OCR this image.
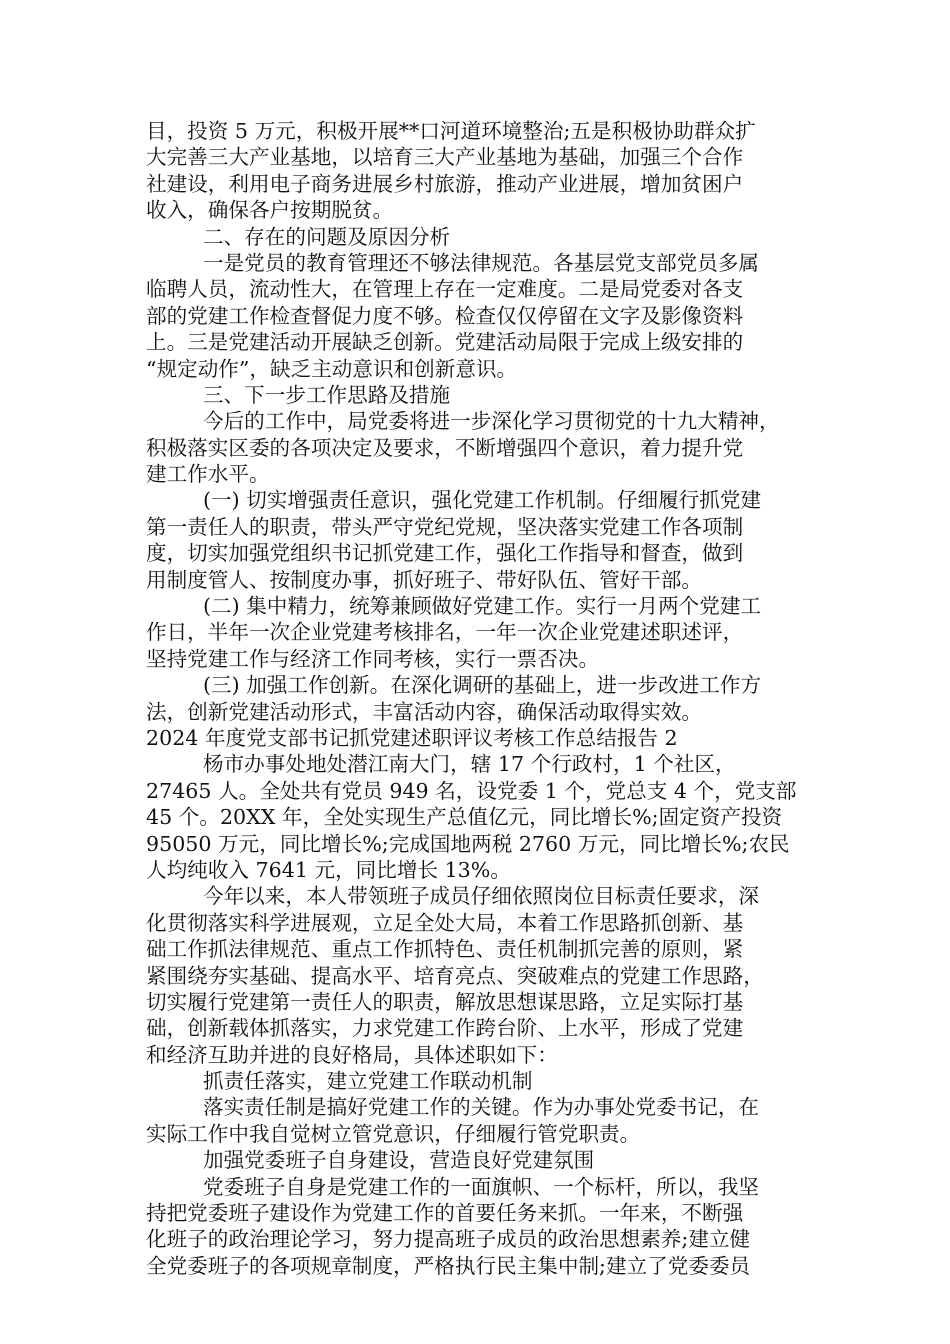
目，投资 5 万元，积极开展**口河道环境整治;五是积极协助群众扩
大完善三大产业基地，以培育三大产业基地为基础，加强三个合作
社建设，利用电子商务进展乡村旅游，推动产业进展，增加贫困户
收入，确保各户按期脱贫。
二、存在的问题及原因分析
一是党员的教育管理还不够法律规范。各基层党支部党员多属
临聘人员，流动性大，在管理上存在一定难度。二是局党委对各支
部的党建工作检查督促力度不够。检查仅仅停留在文字及影像资料
上。三是党建活动开展缺乏创新。党建活动局限于完成上级安排的
“规定动作”，缺乏主动意识和创新意识。
三、下一步工作思路及措施
今后的工作中，局党委将进一步深化学习贯彻党的十九大精神，
积极落实区委的各项决定及要求，不断增强四个意识，着力提升党
建工作水平。
(一) 切实增强责任意识，强化党建工作机制。仔细履行抓党建
第一责任人的职责，带头严守党纪党规，坚决落实党建工作各项制
度，切实加强党组织书记抓党建工作，强化工作指导和督查，做到
用制度管人、按制度办事，抓好班子、带好队伍、管好干部。
(二) 集中精力，统筹兼顾做好党建工作。实行一月两个党建工
作日，半年一次企业党建考核排名，一年一次企业党建述职述评，
坚持党建工作与经济工作同考核，实行一票否决。
(三) 加强工作创新。在深化调研的基础上，进一步改进工作方
法，创新党建活动形式，丰富活动内容，确保活动取得实效。
2024 年度党支部书记抓党建述职评议考核工作总结报告 2
杨市办事处地处潜江南大门，辖 17 个行政村，1 个社区，
27465 人。全处共有党员 949 名，设党委 1 个，党总支 4 个，党支部
45 个。20XX 年，全处实现生产总值亿元，同比增长%;固定资产投资
95050 万元，同比增长%;完成国地两税 2760 万元，同比增长%;农民
人均纯收入 7641 元，同比增长 13%。
今年以来，本人带领班子成员仔细依照岗位目标责任要求，深
化贯彻落实科学进展观，立足全处大局，本着工作思路抓创新、基
础工作抓法律规范、重点工作抓特色、责任机制抓完善的原则，紧
紧围绕夯实基础、提高水平、培育亮点、突破难点的党建工作思路，
切实履行党建第一责任人的职责，解放思想谋思路，立足实际打基
础，创新载体抓落实，力求党建工作跨台阶、上水平，形成了党建
和经济互助并进的良好格局，具体述职如下：
抓责任落实，建立党建工作联动机制
落实责任制是搞好党建工作的关键。作为办事处党委书记，在
实际工作中我自觉树立管党意识，仔细履行管党职责。
加强党委班子自身建设，营造良好党建氛围
党委班子自身是党建工作的一面旗帜、一个标杆，所以，我坚
持把党委班子建设作为党建工作的首要任务来抓。一年来，不断强
化班子的政治理论学习，努力提高班子成员的政治思想素养;建立健
全党委班子的各项规章制度，严格执行民主集中制;建立了党委委员
